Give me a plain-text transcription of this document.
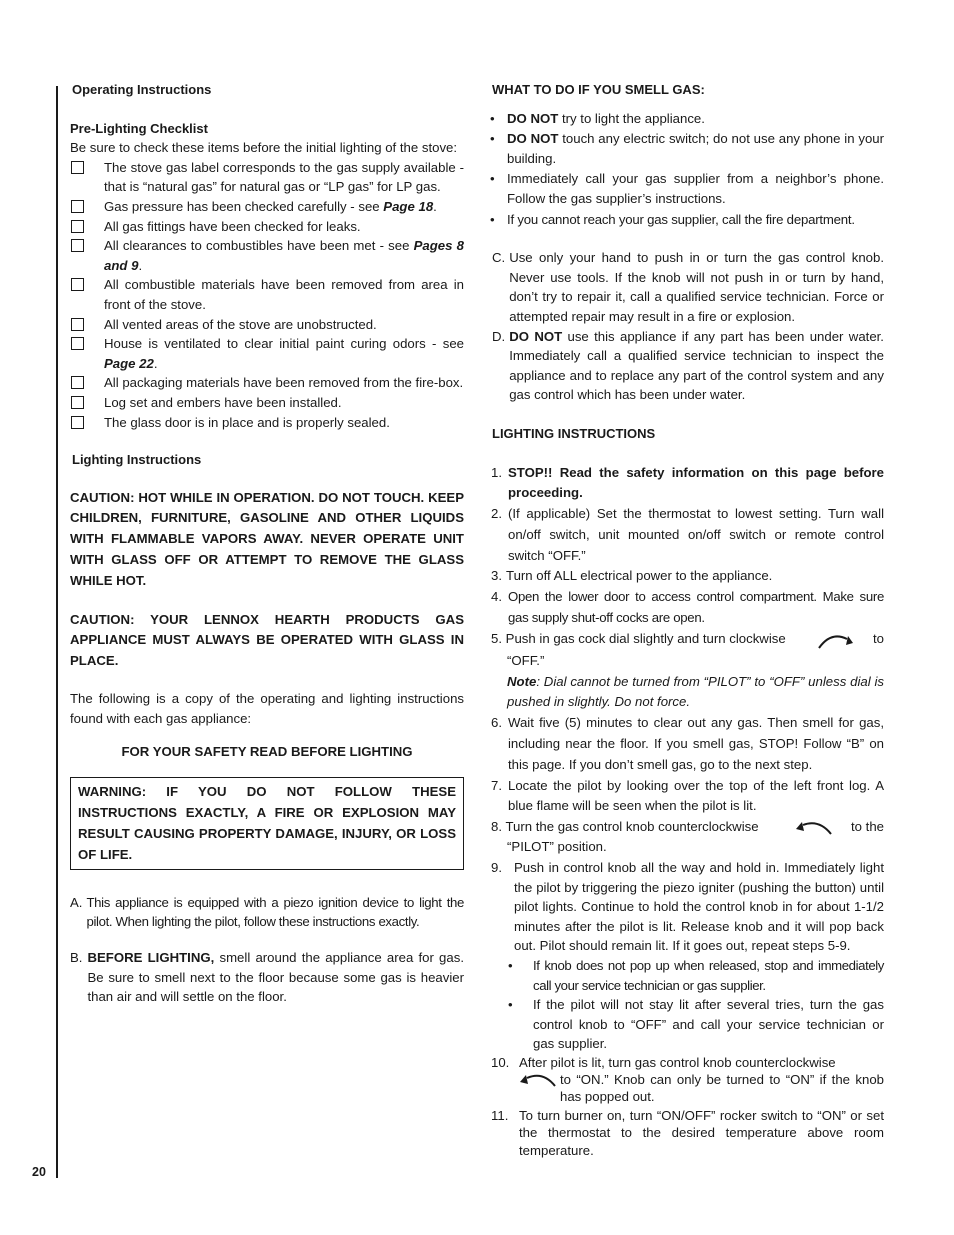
20

Operating Instructions

Pre-Lighting Checklist

Be sure to check these items before the initial lighting of the stove:

The stove gas label corresponds to the gas supply available - that is “natural gas” for natural gas or “LP gas” for LP gas.
Gas pressure has been checked carefully - see Page 18.
All gas fittings have been checked for leaks.
All clearances to combustibles have been met - see Pages 8 and 9.
All combustible materials have been removed from area in front of the stove.
All vented areas of the stove are unobstructed.
House is ventilated to clear initial paint curing odors - see Page 22.
All packaging materials have been removed from the fire-box.
Log set and embers have been installed.
The glass door is in place and is properly sealed.

Lighting Instructions

CAUTION: HOT WHILE IN OPERATION. DO NOT TOUCH. KEEP CHILDREN, FURNITURE, GASOLINE AND OTHER LIQUIDS WITH FLAMMABLE VAPORS AWAY. NEVER OPERATE UNIT WITH GLASS OFF OR ATTEMPT TO REMOVE THE GLASS WHILE HOT.

CAUTION: YOUR LENNOX HEARTH PRODUCTS GAS APPLIANCE MUST ALWAYS BE OPERATED WITH GLASS IN PLACE.

The following is a copy of the operating and lighting instructions found with each gas appliance:

FOR YOUR SAFETY READ BEFORE LIGHTING

WARNING: IF YOU DO NOT FOLLOW THESE INSTRUCTIONS EXACTLY, A FIRE OR EXPLOSION MAY RESULT CAUSING PROPERTY DAMAGE, INJURY, OR LOSS OF LIFE.
A. This appliance is equipped with a piezo ignition device to light the pilot. When lighting the pilot, follow these instructions exactly.
B. BEFORE LIGHTING, smell around the appliance area for gas. Be sure to smell next to the floor because some gas is heavier than air and will settle on the floor.

WHAT TO DO IF YOU SMELL GAS:

• DO NOT try to light the appliance.
• DO NOT touch any electric switch; do not use any phone in your building.
• Immediately call your gas supplier from a neighbor’s phone. Follow the gas supplier’s instructions.
• If you cannot reach your gas supplier, call the fire department.
C. Use only your hand to push in or turn the gas control knob. Never use tools. If the knob will not push in or turn by hand, don’t try to repair it, call a qualified service technician. Force or attempted repair may result in a fire or explosion.
D. DO NOT use this appliance if any part has been under water. Immediately call a qualified service technician to inspect the appliance and to replace any part of the control system and any gas control which has been under water.

LIGHTING INSTRUCTIONS

1. STOP!! Read the safety information on this page before proceeding.
2. (If applicable) Set the thermostat to lowest setting. Turn wall on/off switch, unit mounted on/off switch or remote control switch “OFF.”
3. Turn off ALL electrical power to the appliance.
4. Open the lower door to access control compartment. Make sure gas supply shut-off cocks are open.
5. Push in gas cock dial slightly and turn clockwise	to

“OFF.”

Note: Dial cannot be turned from “PILOT” to “OFF” unless dial is pushed in slightly. Do not force.

6. Wait five (5) minutes to clear out any gas. Then smell for gas, including near the floor. If you smell gas, STOP! Follow “B” on this page. If you don’t smell gas, go to the next step.
7. Locate the pilot by looking over the top of the left front log. A blue flame will be seen when the pilot is lit.
8. Turn the gas control knob counterclockwise	to the

“PILOT” position.

9. Push in control knob all the way and hold in. Immediately light the pilot by triggering the piezo igniter (pushing the button) until pilot lights. Continue to hold the control knob in for about 1-1/2 minutes after the pilot is lit. Release knob and it will pop back out. Pilot should remain lit. If it goes out, repeat steps 5-9.
•	If knob does not pop up when released, stop and immediately call your service technician or gas supplier.
•	If the pilot will not stay lit after several tries, turn the gas control knob to “OFF” and call your service technician or gas supplier.
10. After pilot is lit, turn gas control knob counterclockwise
to “ON.” Knob can only be turned to “ON” if the knob has popped out.
11. To turn burner on, turn “ON/OFF” rocker switch to “ON” or set the thermostat to the desired temperature above room temperature.
